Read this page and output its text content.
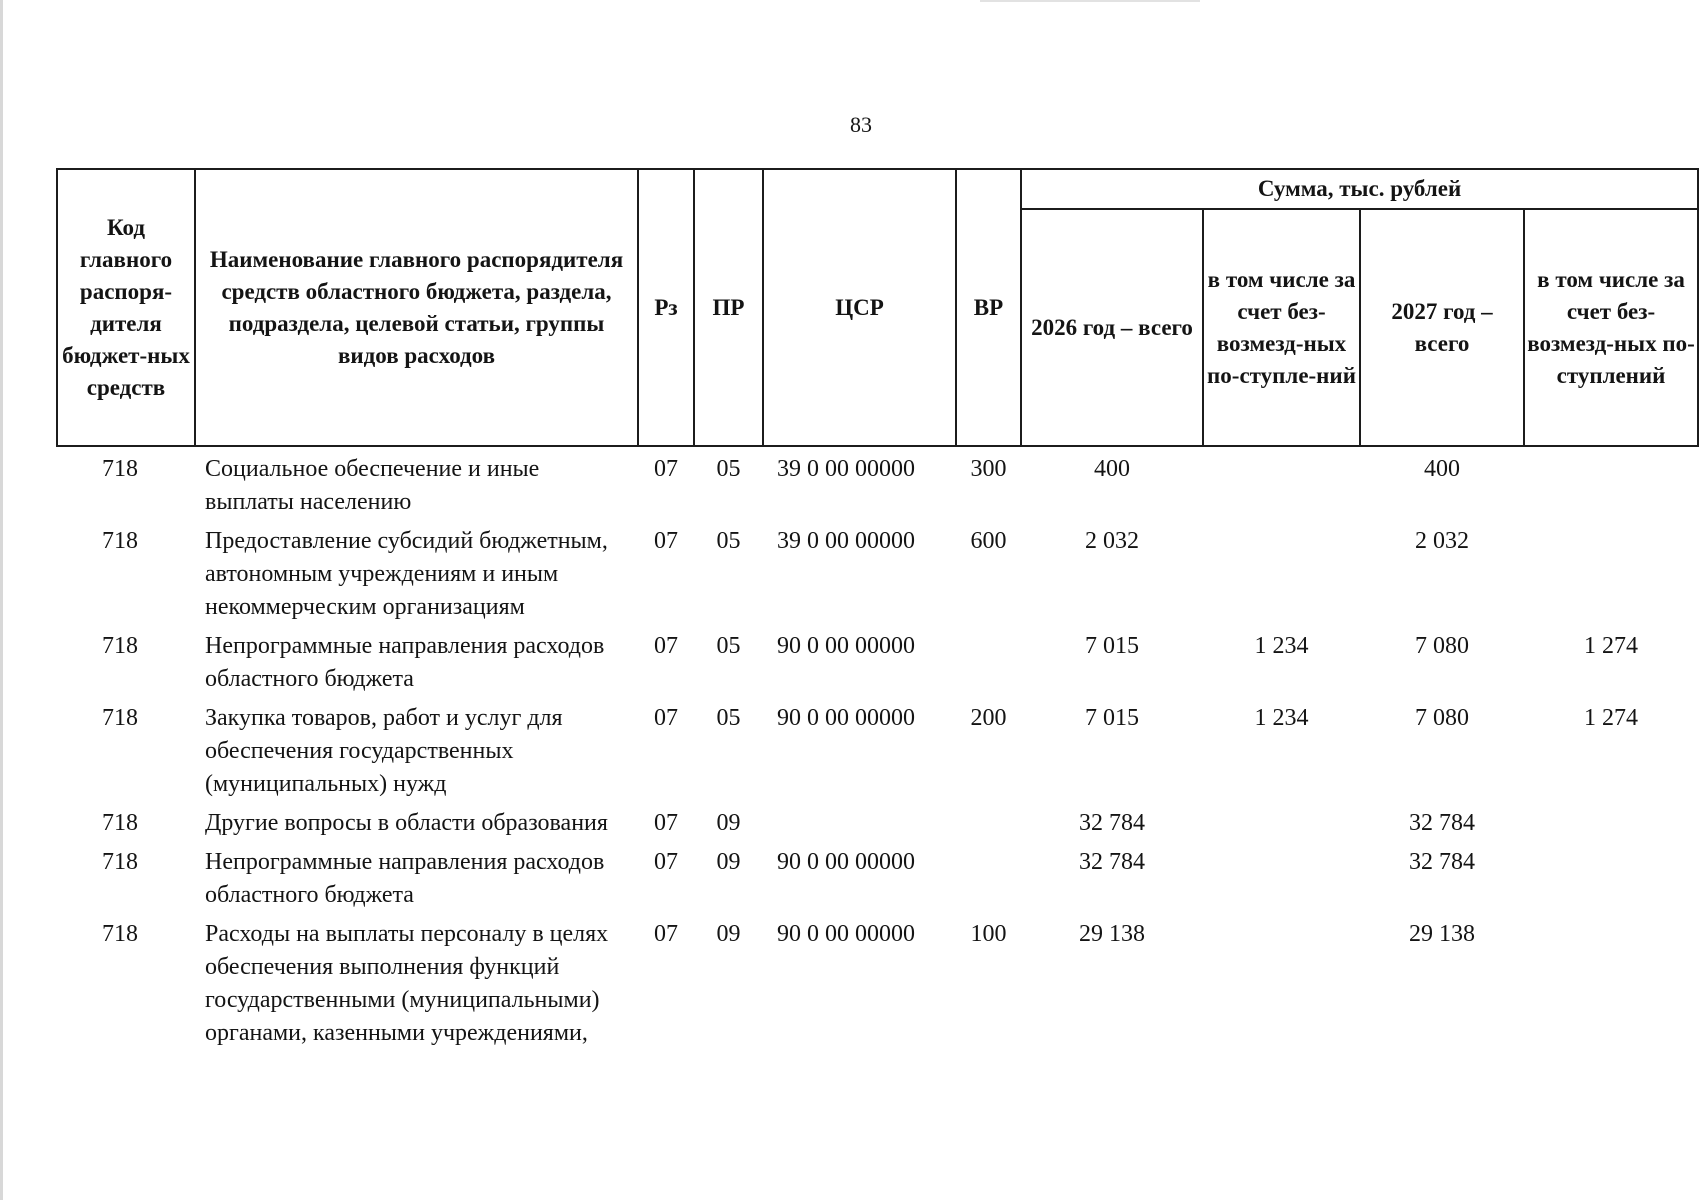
83
Код главного распоря-дителя бюджет-ных средств	Наименование главного распорядителя средств областного бюджета, раздела, подраздела, целевой статьи, группы видов расходов	Рз	ПР	ЦСР	ВР	Сумма, тыс. рублей			
						2026 год – всего	в том числе за счет без-возмезд-ных по-ступле-ний	2027 год – всего	в том числе за счет без-возмезд-ных по-ступлений
718	Социальное обеспечение и иные выплаты населению	07	05	39 0 00 00000	300	400		400	
718	Предоставление субсидий бюджетным, автономным учреждениям и иным некоммерческим организациям	07	05	39 0 00 00000	600	2 032		2 032	
718	Непрограммные направления расходов областного бюджета	07	05	90 0 00 00000		7 015	1 234	7 080	1 274
718	Закупка товаров, работ и услуг для обеспечения государственных (муниципальных) нужд	07	05	90 0 00 00000	200	7 015	1 234	7 080	1 274
718	Другие вопросы в области образования	07	09			32 784		32 784	
718	Непрограммные направления расходов областного бюджета	07	09	90 0 00 00000		32 784		32 784	
718	Расходы на выплаты персоналу в целях обеспечения выполнения функций государственными (муниципальными) органами, казенными учреждениями,	07	09	90 0 00 00000	100	29 138		29 138	
